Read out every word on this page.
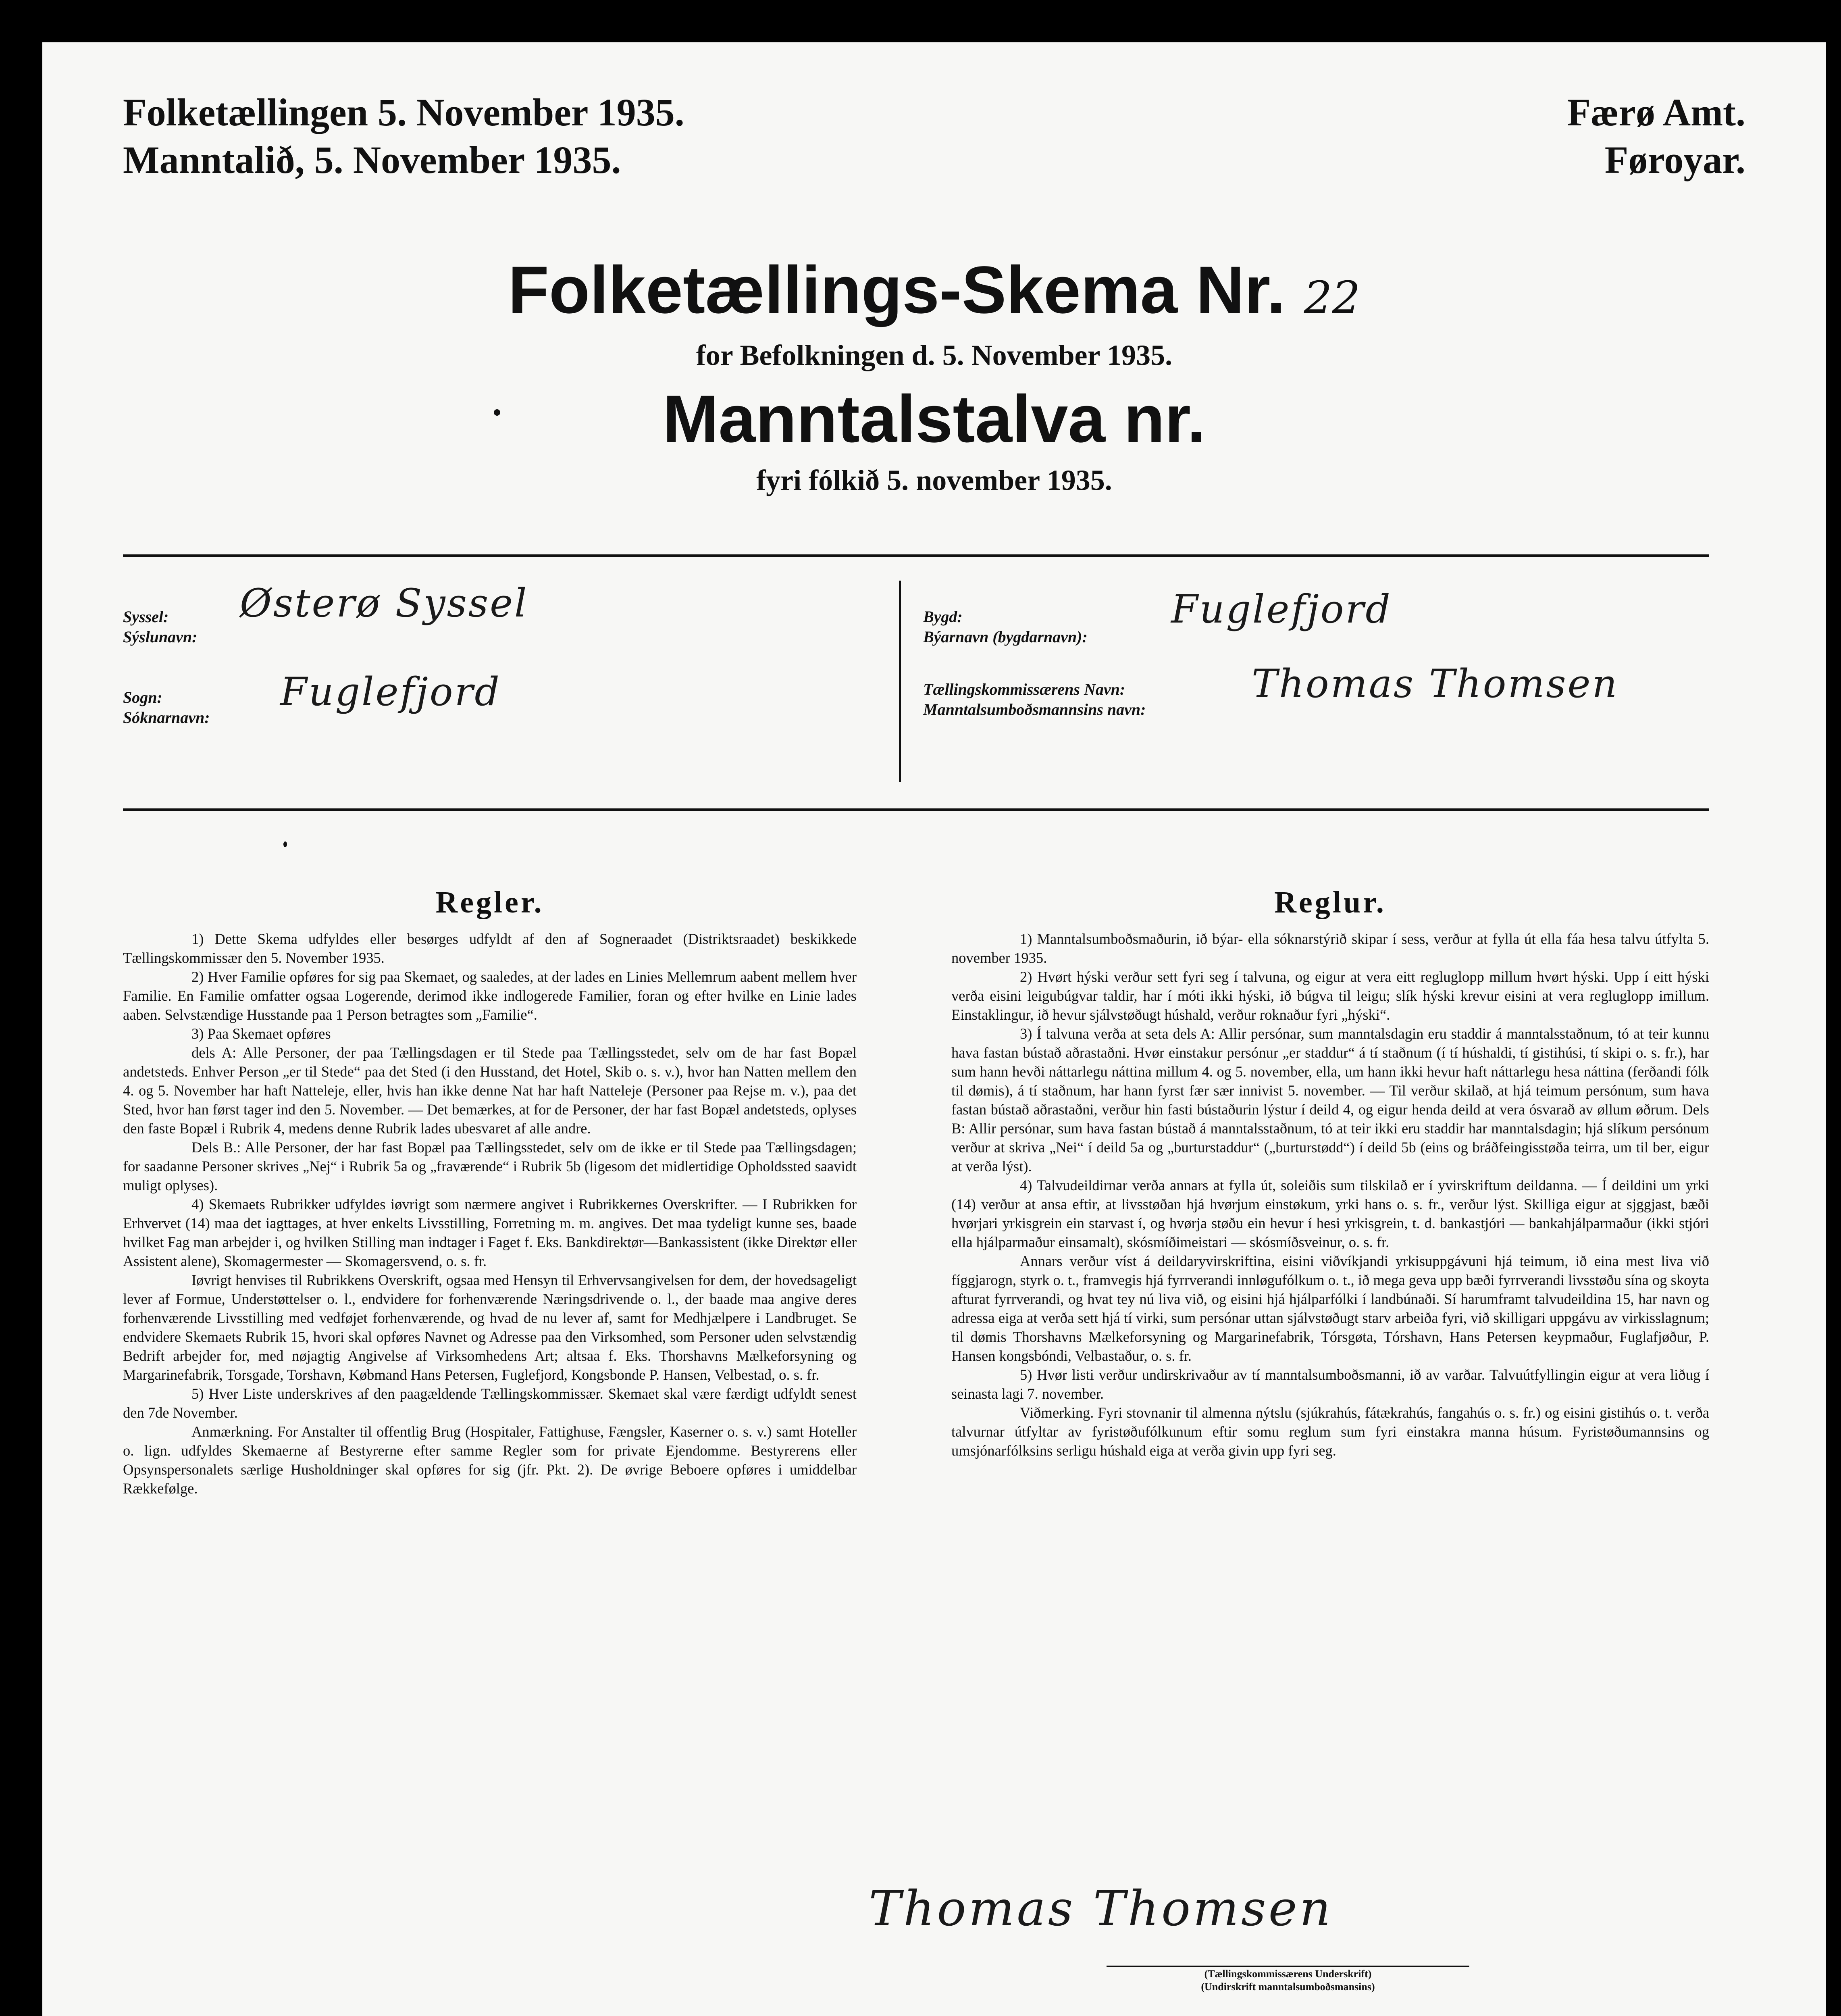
Folketællingen 5. November 1935.
Manntalið, 5. November 1935.
Færø Amt.
Føroyar.
Folketællings-Skema Nr. 22
for Befolkningen d. 5. November 1935.
Manntalstalva nr.
fyri fólkið 5. november 1935.
Syssel:
Sýslunavn:
Østerø Syssel
Sogn:
Sóknarnavn:
Fuglefjord
Bygd:
Býarnavn (bygdarnavn):
Fuglefjord
Tællingskommissærens Navn:
Manntalsumboðsmannsins navn:
Thomas Thomsen
Regler.

1) Dette Skema udfyldes eller besørges udfyldt af den af Sogneraadet (Distriktsraadet) beskikkede Tællingskommissær den 5. November 1935.

2) Hver Familie opføres for sig paa Skemaet, og saaledes, at der lades en Linies Mellemrum aabent mellem hver Familie. En Familie omfatter ogsaa Logerende, derimod ikke indlogerede Familier, foran og efter hvilke en Linie lades aaben. Selvstændige Husstande paa 1 Person betragtes som „Familie“.

3) Paa Skemaet opføres

dels A: Alle Personer, der paa Tællingsdagen er til Stede paa Tællingsstedet, selv om de har fast Bopæl andetsteds. Enhver Person „er til Stede“ paa det Sted (i den Husstand, det Hotel, Skib o. s. v.), hvor han Natten mellem den 4. og 5. November har haft Natteleje, eller, hvis han ikke denne Nat har haft Natteleje (Personer paa Rejse m. v.), paa det Sted, hvor han først tager ind den 5. November. — Det bemærkes, at for de Personer, der har fast Bopæl andetsteds, oplyses den faste Bopæl i Rubrik 4, medens denne Rubrik lades ubesvaret af alle andre.

Dels B.: Alle Personer, der har fast Bopæl paa Tællingsstedet, selv om de ikke er til Stede paa Tællingsdagen; for saadanne Personer skrives „Nej“ i Rubrik 5a og „fraværende“ i Rubrik 5b (ligesom det midlertidige Opholdssted saavidt muligt oplyses).

4) Skemaets Rubrikker udfyldes iøvrigt som nærmere angivet i Rubrikkernes Overskrifter. — I Rubrikken for Erhvervet (14) maa det iagttages, at hver enkelts Livsstilling, Forretning m. m. angives. Det maa tydeligt kunne ses, baade hvilket Fag man arbejder i, og hvilken Stilling man indtager i Faget f. Eks. Bankdirektør—Bankassistent (ikke Direktør eller Assistent alene), Skomagermester — Skomagersvend, o. s. fr.

Iøvrigt henvises til Rubrikkens Overskrift, ogsaa med Hensyn til Erhvervsangivelsen for dem, der hovedsageligt lever af Formue, Understøttelser o. l., endvidere for forhenværende Næringsdrivende o. l., der baade maa angive deres forhenværende Livsstilling med vedføjet forhenværende, og hvad de nu lever af, samt for Medhjælpere i Landbruget. Se endvidere Skemaets Rubrik 15, hvori skal opføres Navnet og Adresse paa den Virksomhed, som Personer uden selvstændig Bedrift arbejder for, med nøjagtig Angivelse af Virksomhedens Art; altsaa f. Eks. Thorshavns Mælkeforsyning og Margarinefabrik, Torsgade, Torshavn, Købmand Hans Petersen, Fuglefjord, Kongsbonde P. Hansen, Velbestad, o. s. fr.

5) Hver Liste underskrives af den paagældende Tællingskommissær. Skemaet skal være færdigt udfyldt senest den 7de November.

Anmærkning. For Anstalter til offentlig Brug (Hospitaler, Fattighuse, Fængsler, Kaserner o. s. v.) samt Hoteller o. lign. udfyldes Skemaerne af Bestyrerne efter samme Regler som for private Ejendomme. Bestyrerens eller Opsynspersonalets særlige Husholdninger skal opføres for sig (jfr. Pkt. 2). De øvrige Beboere opføres i umiddelbar Rækkefølge.

Reglur.

1) Manntalsumboðsmaðurin, ið býar- ella sóknarstýrið skipar í sess, verður at fylla út ella fáa hesa talvu útfylta 5. november 1935.

2) Hvørt hýski verður sett fyri seg í talvuna, og eigur at vera eitt regluglopp millum hvørt hýski. Upp í eitt hýski verða eisini leigubúgvar taldir, har í móti ikki hýski, ið búgva til leigu; slík hýski krevur eisini at vera regluglopp imillum. Einstaklingur, ið hevur sjálvstøðugt húshald, verður roknaður fyri „hýski“.

3) Í talvuna verða at seta dels A: Allir persónar, sum manntalsdagin eru staddir á manntalsstaðnum, tó at teir kunnu hava fastan bústað aðrastaðni. Hvør einstakur persónur „er staddur“ á tí staðnum (í tí húshaldi, tí gistihúsi, tí skipi o. s. fr.), har sum hann hevði náttarlegu náttina millum 4. og 5. november, ella, um hann ikki hevur haft náttarlegu hesa náttina (ferðandi fólk til dømis), á tí staðnum, har hann fyrst fær sær innivist 5. november. — Til verður skilað, at hjá teimum persónum, sum hava fastan bústað aðrastaðni, verður hin fasti bústaðurin lýstur í deild 4, og eigur henda deild at vera ósvarað av øllum øðrum. Dels B: Allir persónar, sum hava fastan bústað á manntalsstaðnum, tó at teir ikki eru staddir har manntalsdagin; hjá slíkum persónum verður at skriva „Nei“ í deild 5a og „burturstaddur“ („burturstødd“) í deild 5b (eins og bráðfeingisstøða teirra, um til ber, eigur at verða lýst).

4) Talvudeildirnar verða annars at fylla út, soleiðis sum tilskilað er í yvirskriftum deildanna. — Í deildini um yrki (14) verður at ansa eftir, at livsstøðan hjá hvørjum einstøkum, yrki hans o. s. fr., verður lýst. Skilliga eigur at sjggjast, bæði hvørjari yrkisgrein ein starvast í, og hvørja støðu ein hevur í hesi yrkisgrein, t. d. bankastjóri — bankahjálparmaður (ikki stjóri ella hjálparmaður einsamalt), skósmíðimeistari — skósmíðsveinur, o. s. fr.

Annars verður víst á deildaryvirskriftina, eisini viðvíkjandi yrkisuppgávuni hjá teimum, ið eina mest liva við fíggjarogn, styrk o. t., framvegis hjá fyrrverandi innløgufólkum o. t., ið mega geva upp bæði fyrrverandi livsstøðu sína og skoyta afturat fyrrverandi, og hvat tey nú liva við, og eisini hjá hjálparfólki í landbúnaði. Sí harumframt talvudeildina 15, har navn og adressa eiga at verða sett hjá tí virki, sum persónar uttan sjálvstøðugt starv arbeiða fyri, við skilligari uppgávu av virkisslagnum; til dømis Thorshavns Mælkeforsyning og Margarinefabrik, Tórsgøta, Tórshavn, Hans Petersen keypmaður, Fuglafjøður, P. Hansen kongsbóndi, Velbastaður, o. s. fr.

5) Hvør listi verður undirskrivaður av tí manntalsumboðsmanni, ið av varðar. Talvuútfyllingin eigur at vera liðug í seinasta lagi 7. november.

Viðmerking. Fyri stovnanir til almenna nýtslu (sjúkrahús, fátækrahús, fangahús o. s. fr.) og eisini gistihús o. t. verða talvurnar útfyltar av fyristøðufólkunum eftir somu reglum sum fyri einstakra manna húsum. Fyristøðumannsins og umsjónarfólksins serligu húshald eiga at verða givin upp fyri seg.

Thomas Thomsen
(Tællingskommissærens Underskrift)
(Undirskrift manntalsumboðsmansins)
